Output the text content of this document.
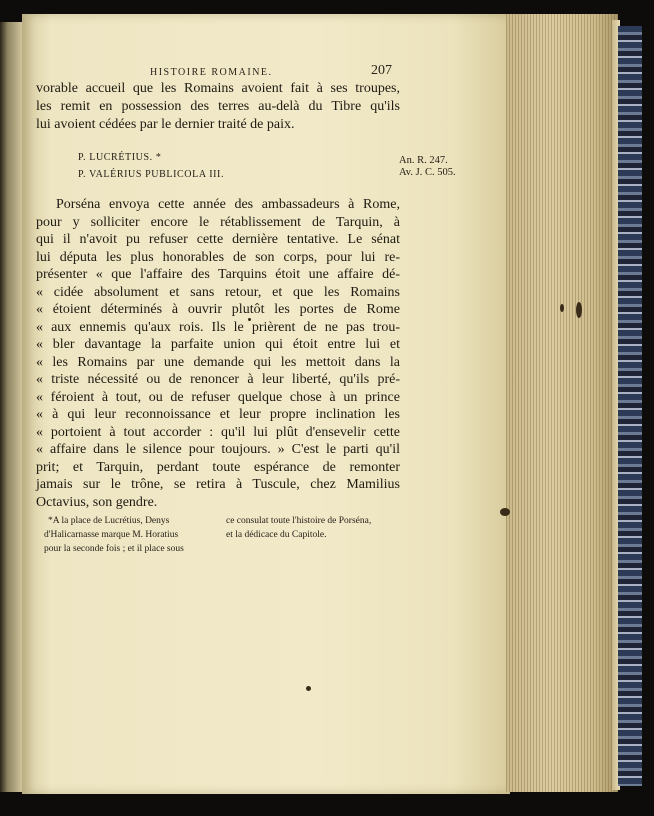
HISTOIRE ROMAINE.	207
vorable accueil que les Romains avoient fait à ses troupes,
les remit en possession des terres au-delà du Tibre qu'ils
lui avoient cédées par le dernier traité de paix.
P. LUCRÉTIUS. *
P. VALÉRIUS PUBLICOLA III.
An. R. 247.
Av. J. C. 505.
Porséna envoya cette année des ambassadeurs à Rome,
pour y solliciter encore le rétablissement de Tarquin, à
qui il n'avoit pu refuser cette dernière tentative. Le sénat
lui députa les plus honorables de son corps, pour lui re-
présenter « que l'affaire des Tarquins étoit une affaire dé-
« cidée absolument et sans retour, et que les Romains
« étoient déterminés à ouvrir plutôt les portes de Rome
« aux ennemis qu'aux rois. Ils le prièrent de ne pas trou-
« bler davantage la parfaite union qui étoit entre lui et
« les Romains par une demande qui les mettoit dans la
« triste nécessité ou de renoncer à leur liberté, qu'ils pré-
« féroient à tout, ou de refuser quelque chose à un prince
« à qui leur reconnoissance et leur propre inclination les
« portoient à tout accorder : qu'il lui plût d'ensevelir cette
« affaire dans le silence pour toujours. » C'est le parti qu'il
prit; et Tarquin, perdant toute espérance de remonter
jamais sur le trône, se retira à Tuscule, chez Mamilius
Octavius, son gendre.
*A la place de Lucrétius, Denys
d'Halicarnasse marque M. Horatius
pour la seconde fois ; et il place sous
ce consulat toute l'histoire de Porséna,
et la dédicace du Capitole.
